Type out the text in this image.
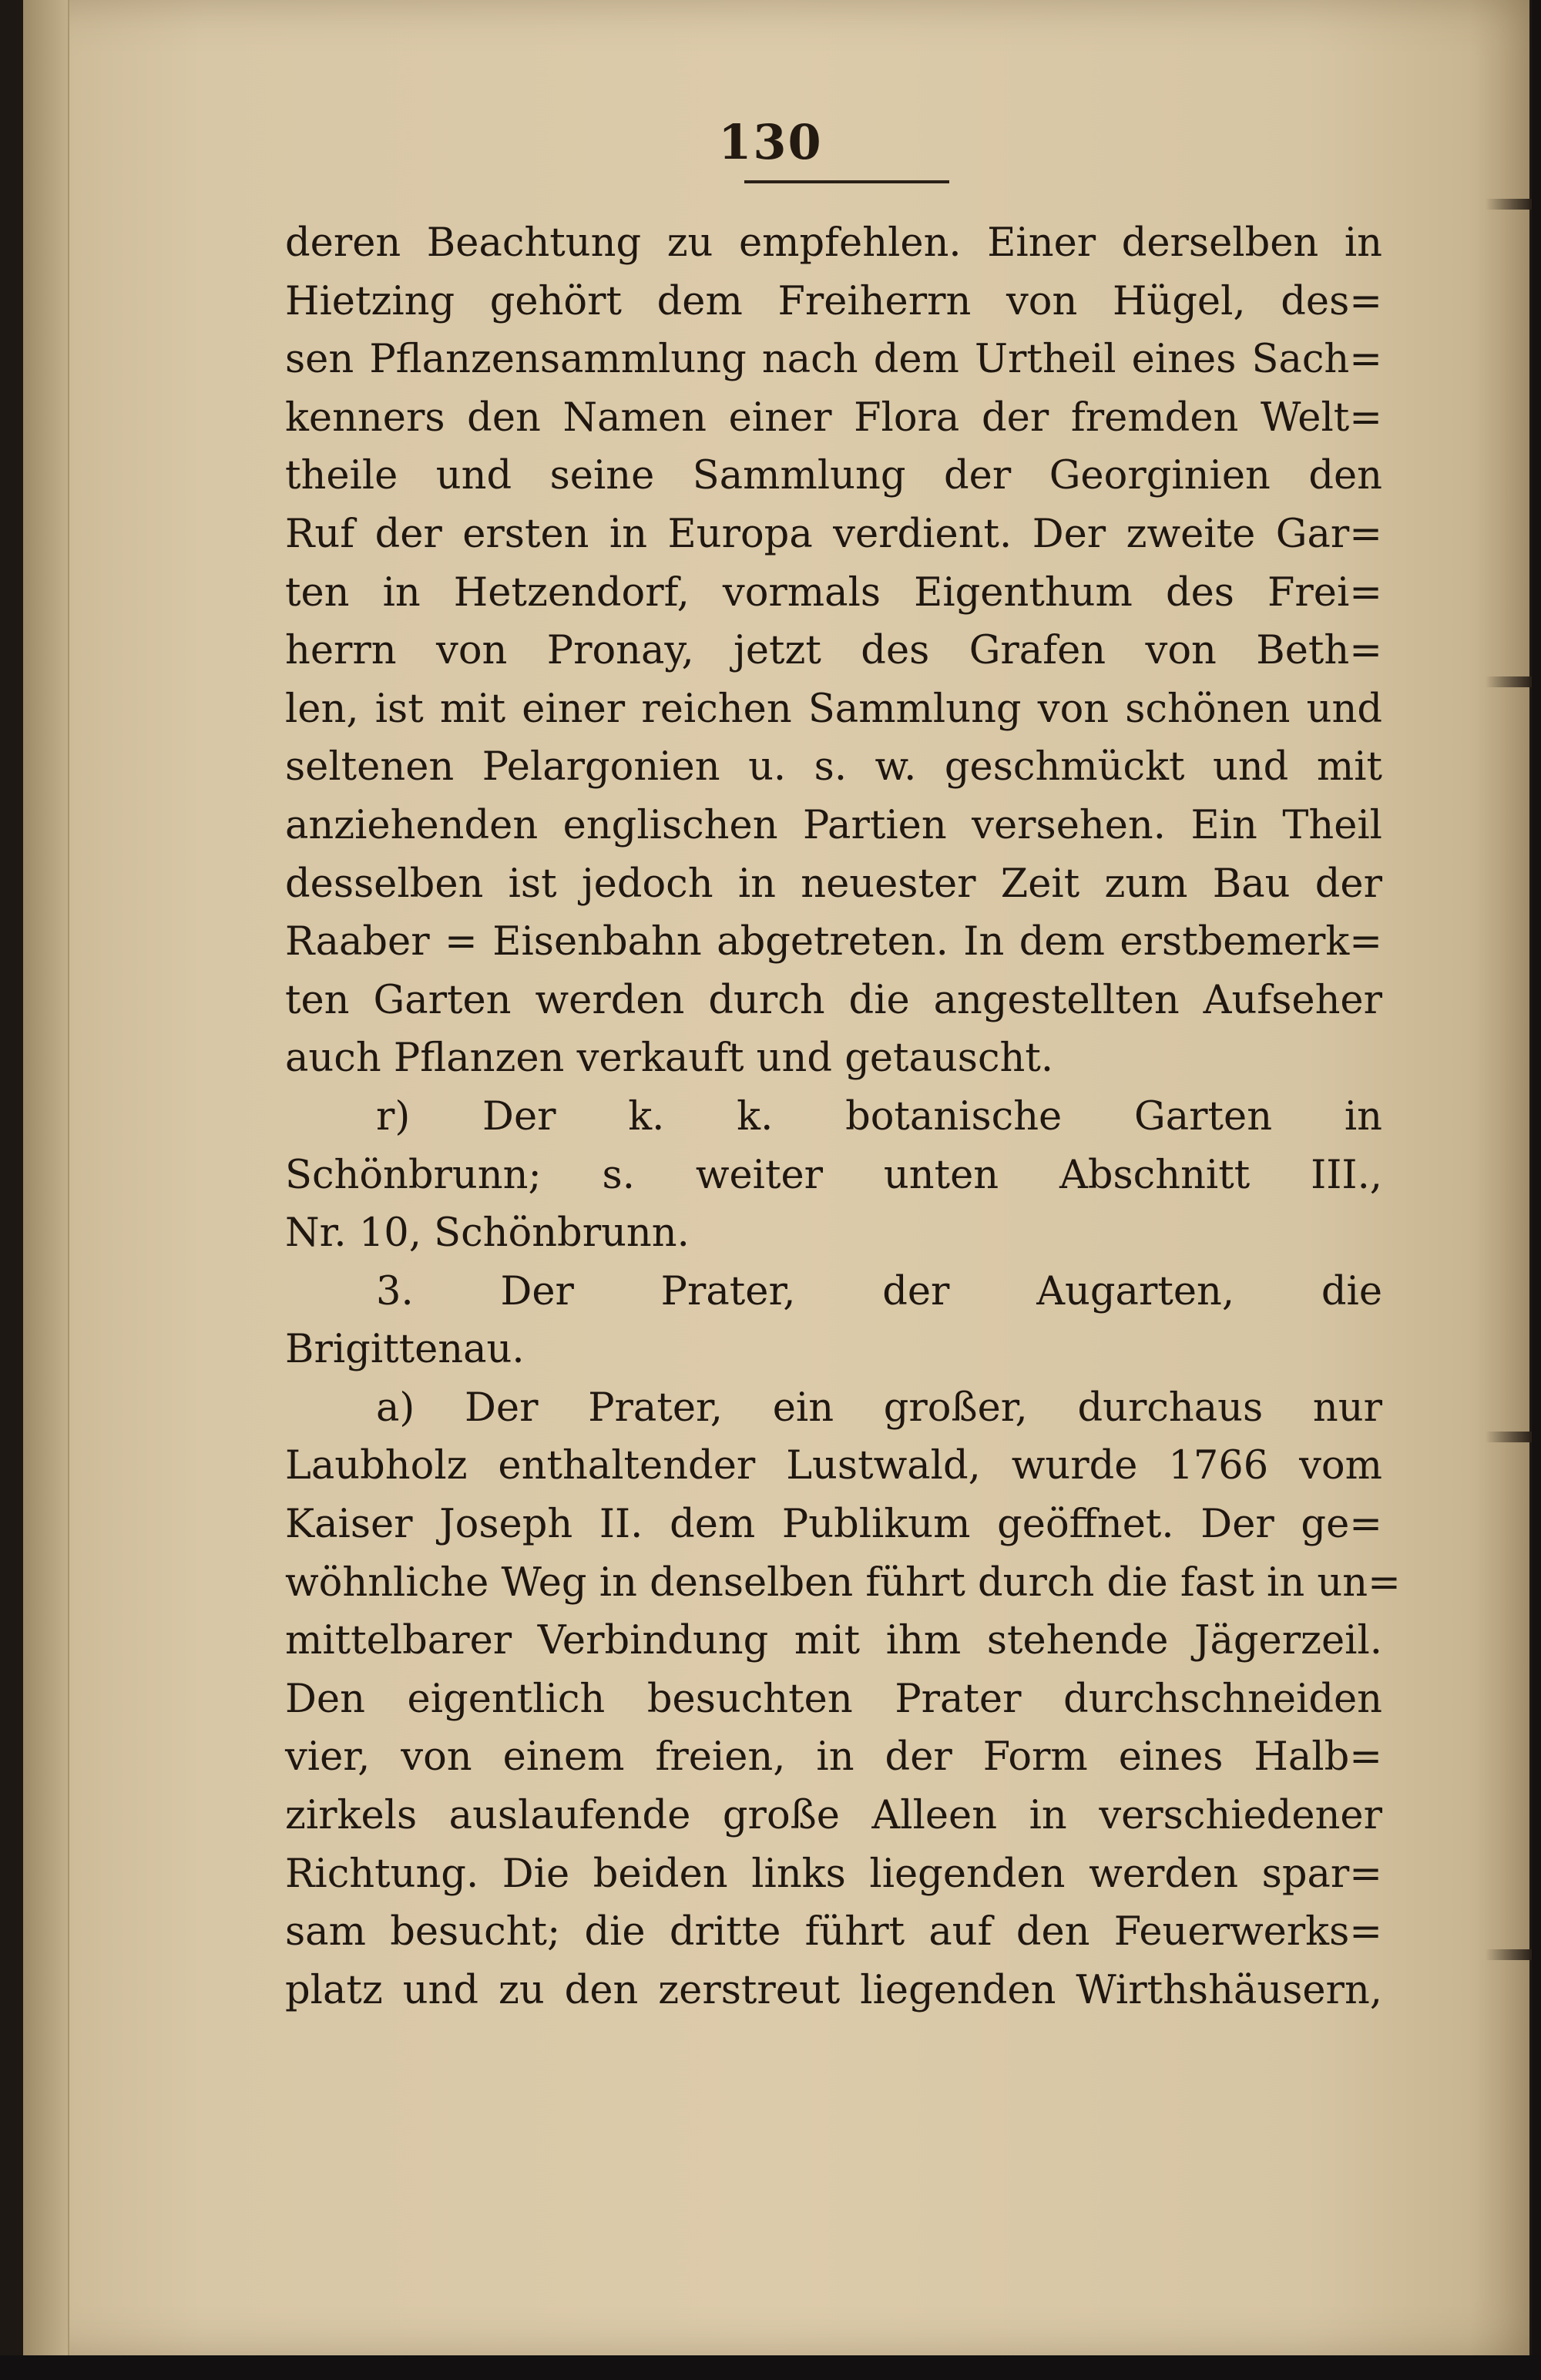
130
deren Beachtung zu empfehlen. Einer derselben in
Hietzing gehört dem Freiherrn von Hügel, des=
sen Pflanzensammlung nach dem Urtheil eines Sach=
kenners den Namen einer Flora der fremden Welt=
theile und seine Sammlung der Georginien den
Ruf der ersten in Europa verdient. Der zweite Gar=
ten in Hetzendorf, vormals Eigenthum des Frei=
herrn von Pronay, jetzt des Grafen von Beth=
len, ist mit einer reichen Sammlung von schönen und
seltenen Pelargonien u. s. w. geschmückt und mit
anziehenden englischen Partien versehen. Ein Theil
desselben ist jedoch in neuester Zeit zum Bau der
Raaber = Eisenbahn abgetreten. In dem erstbemerk=
ten Garten werden durch die angestellten Aufseher
auch Pflanzen verkauft und getauscht.
r) Der k. k. botanische Garten in
Schönbrunn; s. weiter unten Abschnitt III.,
Nr. 10, Schönbrunn.
3. Der Prater, der Augarten, die
Brigittenau.
a) Der Prater, ein großer, durchaus nur
Laubholz enthaltender Lustwald, wurde 1766 vom
Kaiser Joseph II. dem Publikum geöffnet. Der ge=
wöhnliche Weg in denselben führt durch die fast in un=
mittelbarer Verbindung mit ihm stehende Jägerzeil.
Den eigentlich besuchten Prater durchschneiden
vier, von einem freien, in der Form eines Halb=
zirkels auslaufende große Alleen in verschiedener
Richtung. Die beiden links liegenden werden spar=
sam besucht; die dritte führt auf den Feuerwerks=
platz und zu den zerstreut liegenden Wirthshäusern,
